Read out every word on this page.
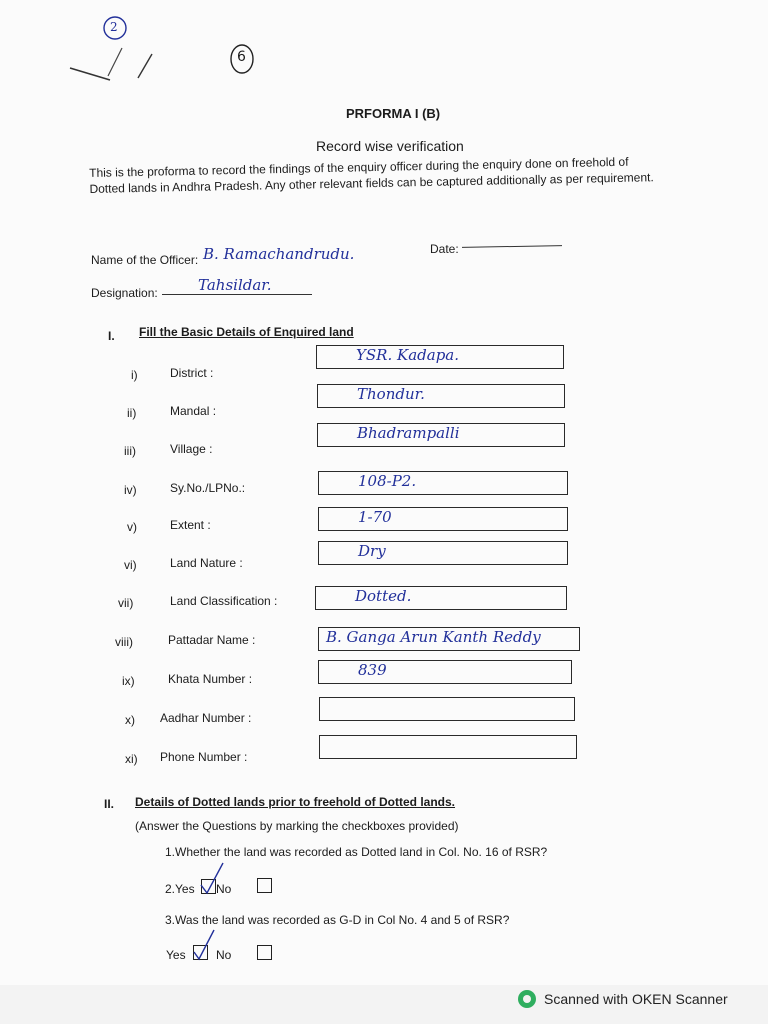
2
6
PRFORMA I (B)
Record wise verification
This is the proforma to record the findings of the enquiry officer during the enquiry done on freehold of Dotted lands in Andhra Pradesh. Any other relevant fields can be captured additionally as per requirement.
Name of the Officer: B. Ramachandrudu.	Date:
Designation:	Tahsildar.
I. Fill the Basic Details of Enquired land
i)	District :
YSR. Kadapa.
ii)	Mandal :
Thondur.
iii)	Village :
Bhadrampalli
iv)	Sy.No./LPNo.:	108-P2.
v)	Extent :	1-70
vi)	Land Nature :
Dry
vii)	Land Classification :	Dotted.
viii)	Pattadar Name :	B. Ganga Arun Kanth Reddy
ix)	Khata Number :	839
x) Aadhar Number :
xi) Phone Number :
II. Details of Dotted lands prior to freehold of Dotted lands.
(Answer the Questions by marking the checkboxes provided)
1.Whether the land was recorded as Dotted land in Col. No. 16 of RSR?
2.Yes No
3.Was the land was recorded as G-D in Col No. 4 and 5 of RSR?
Yes	No
Scanned with OKEN Scanner
